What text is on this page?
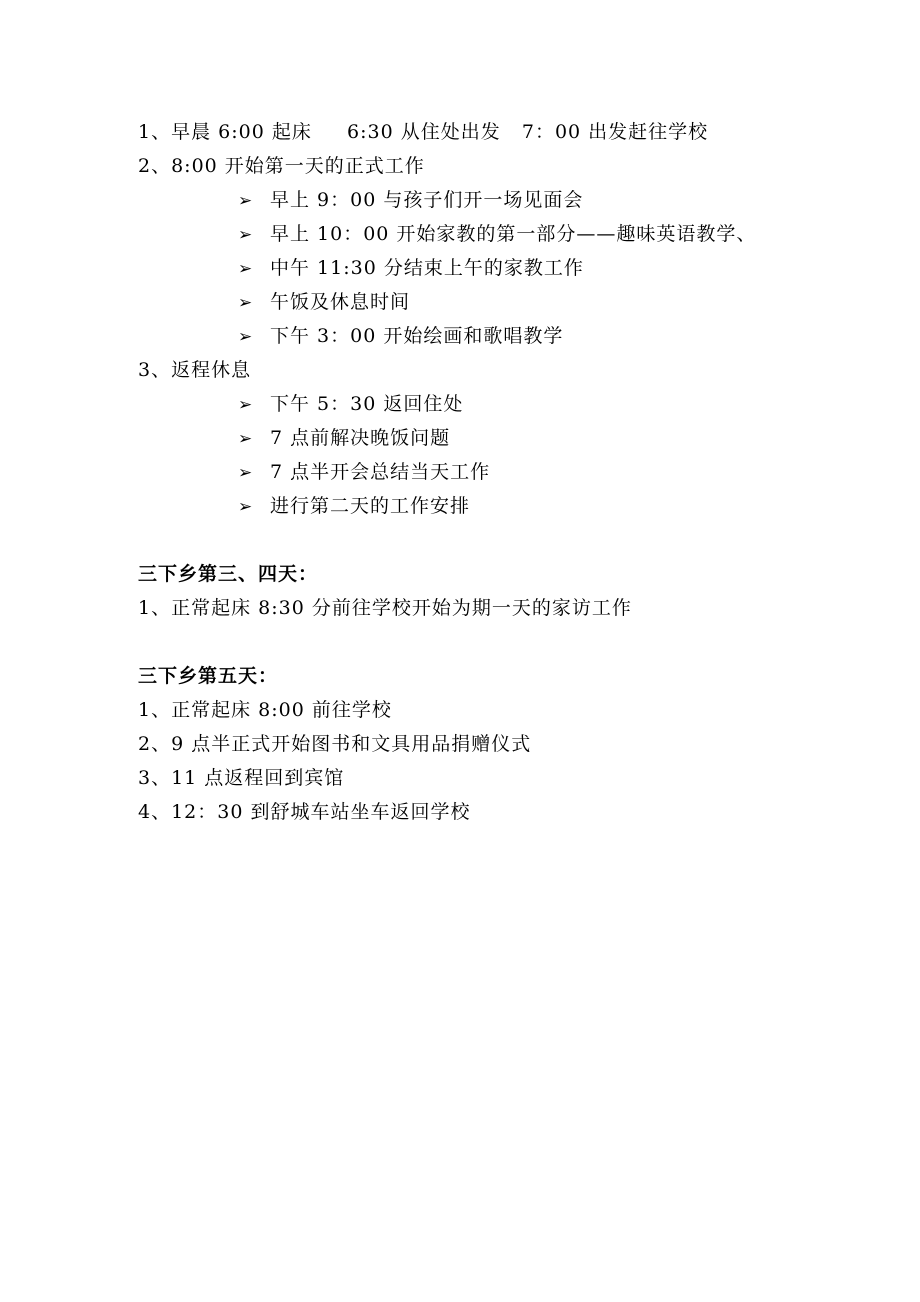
1、早晨 6:00 起床     6:30 从住处出发   7：00 出发赶往学校
2、8:00 开始第一天的正式工作
➢ 早上 9：00 与孩子们开一场见面会
➢ 早上 10：00 开始家教的第一部分——趣味英语教学、
➢ 中午 11:30 分结束上午的家教工作
➢ 午饭及休息时间
➢ 下午 3：00 开始绘画和歌唱教学
3、返程休息
➢ 下午 5：30 返回住处
➢ 7 点前解决晚饭问题
➢ 7 点半开会总结当天工作
➢ 进行第二天的工作安排
三下乡第三、四天：
1、正常起床 8:30 分前往学校开始为期一天的家访工作
三下乡第五天：
1、正常起床 8:00 前往学校
2、9 点半正式开始图书和文具用品捐赠仪式
3、11 点返程回到宾馆
4、12：30 到舒城车站坐车返回学校
